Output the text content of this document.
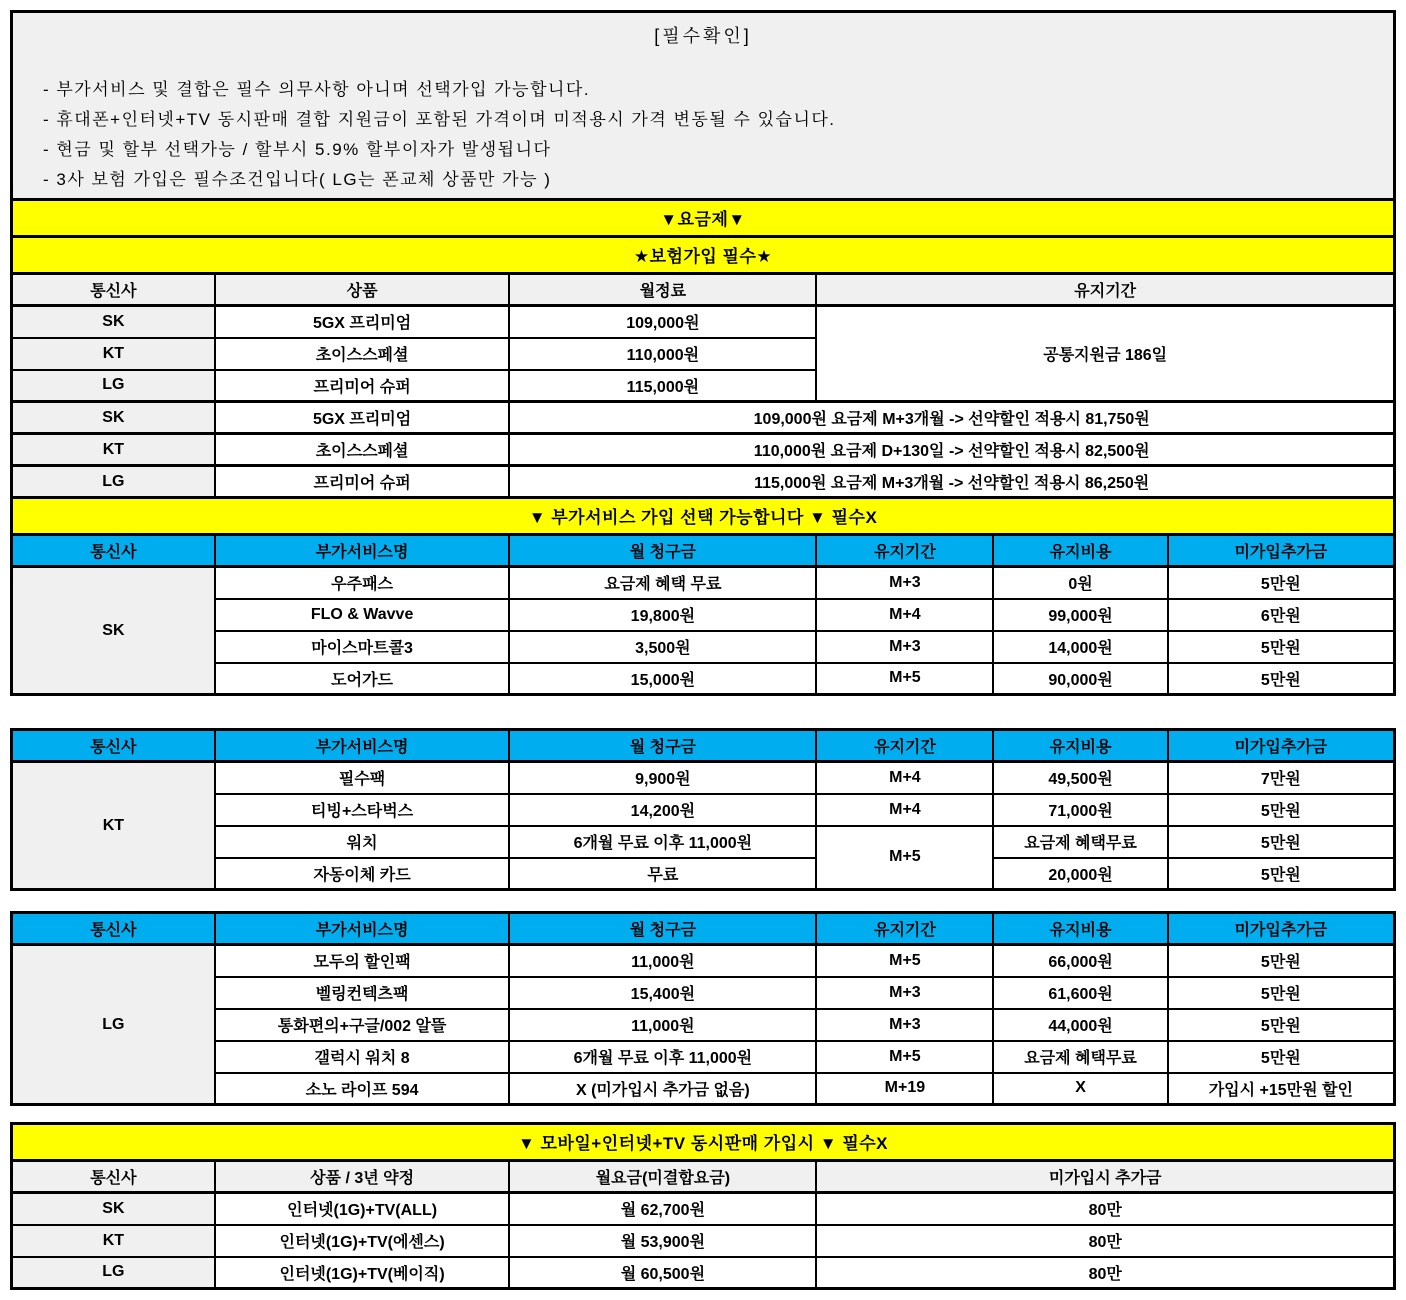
[필수확인]
- 부가서비스 및 결합은 필수 의무사항 아니며 선택가입 가능합니다.
- 휴대폰+인터넷+TV 동시판매 결합 지원금이 포함된 가격이며 미적용시 가격 변동될 수 있습니다.
- 현금 및 할부 선택가능 / 할부시 5.9% 할부이자가 발생됩니다
- 3사 보험 가입은 필수조건입니다( LG는 폰교체 상품만 가능 )
▼요금제▼
★보험가입 필수★
통신사	상품	월정료	유지기간
SK	5GX 프리미엄	109,000원	공통지원금 186일
KT	초이스스페셜	110,000원	
LG	프리미어 슈퍼	115,000원	
SK	5GX 프리미엄	109,000원 요금제 M+3개월 -> 선약할인 적용시 81,750원	
KT	초이스스페셜	110,000원 요금제 D+130일 -> 선약할인 적용시 82,500원	
LG	프리미어 슈퍼	115,000원 요금제 M+3개월 -> 선약할인 적용시 86,250원	
▼ 부가서비스 가입 선택 가능합니다 ▼ 필수X
통신사	부가서비스명	월 청구금	유지기간	유지비용	미가입추가금
SK	우주패스	요금제 혜택 무료	M+3	0원	5만원
	FLO & Wavve	19,800원	M+4	99,000원	6만원
	마이스마트콜3	3,500원	M+3	14,000원	5만원
	도어가드	15,000원	M+5	90,000원	5만원
통신사	부가서비스명	월 청구금	유지기간	유지비용	미가입추가금
KT	필수팩	9,900원	M+4	49,500원	7만원
	티빙+스타벅스	14,200원	M+4	71,000원	5만원
	워치	6개월 무료 이후 11,000원	M+5	요금제 혜택무료	5만원
	자동이체 카드	무료		20,000원	5만원
통신사	부가서비스명	월 청구금	유지기간	유지비용	미가입추가금
LG	모두의 할인팩	11,000원	M+5	66,000원	5만원
	벨링컨텍츠팩	15,400원	M+3	61,600원	5만원
	통화편의+구글/002 알뜰	11,000원	M+3	44,000원	5만원
	갤럭시 워치 8	6개월 무료 이후 11,000원	M+5	요금제 혜택무료	5만원
	소노 라이프 594	X (미가입시 추가금 없음)	M+19	X	가입시 +15만원 할인
▼ 모바일+인터넷+TV 동시판매 가입시 ▼ 필수X
통신사	상품 / 3년 약정	월요금(미결합요금)	미가입시 추가금
SK	인터넷(1G)+TV(ALL)	월 62,700원	80만
KT	인터넷(1G)+TV(에센스)	월 53,900원	80만
LG	인터넷(1G)+TV(베이직)	월 60,500원	80만
